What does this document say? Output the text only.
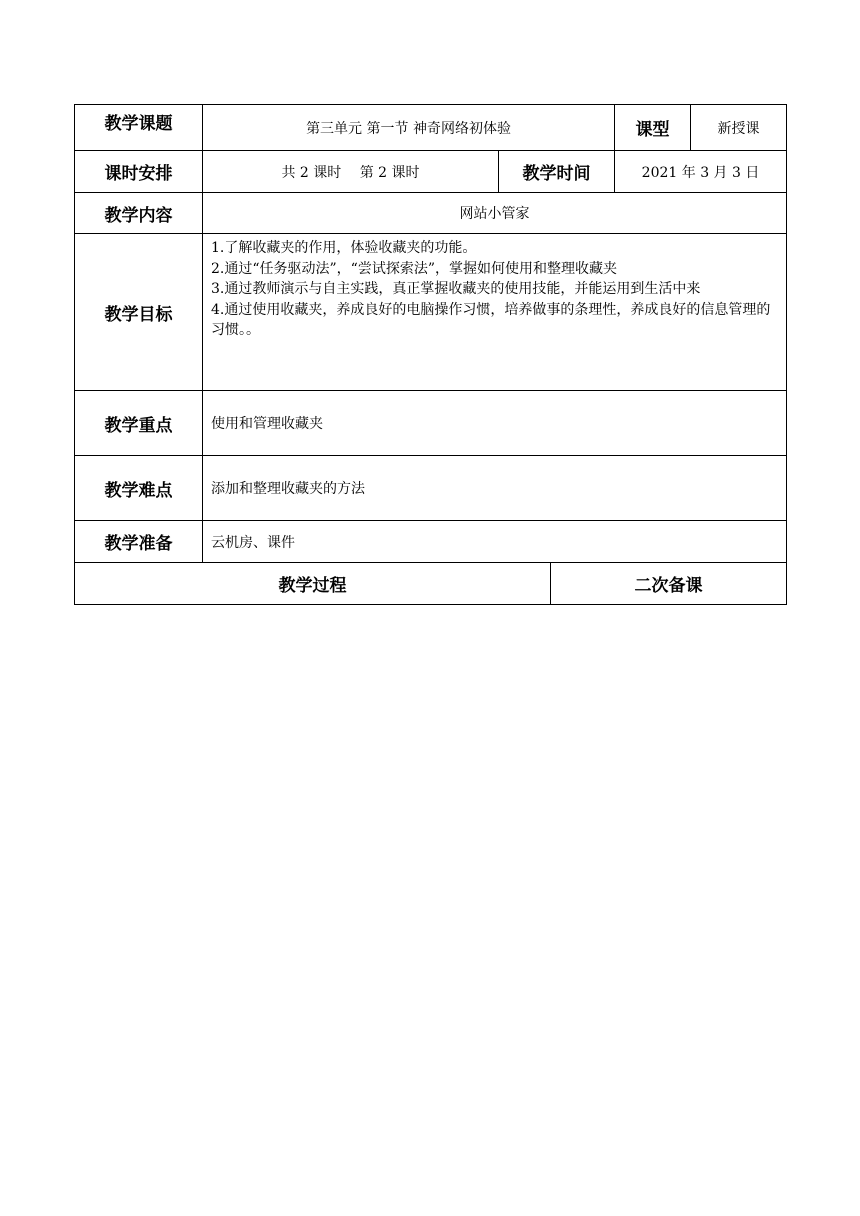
教学课题	第三单元 第一节 神奇网络初体验			课型	新授课
课时安排	共 2 课时　 第 2 课时	教学时间		2021 年 3 月 3 日	
教学内容	网站小管家				
教学目标	1.了解收藏夹的作用，体验收藏夹的功能。
2.通过“任务驱动法”，“尝试探索法”，掌握如何使用和整理收藏夹
3.通过教师演示与自主实践，真正掌握收藏夹的使用技能，并能运用到生活中来
4.通过使用收藏夹，养成良好的电脑操作习惯，培养做事的条理性，养成良好的信息管理的习惯。。				

教学重点	使用和管理收藏夹				
教学难点	添加和整理收藏夹的方法				
教学准备	云机房、课件				
教学过程			二次备课		
